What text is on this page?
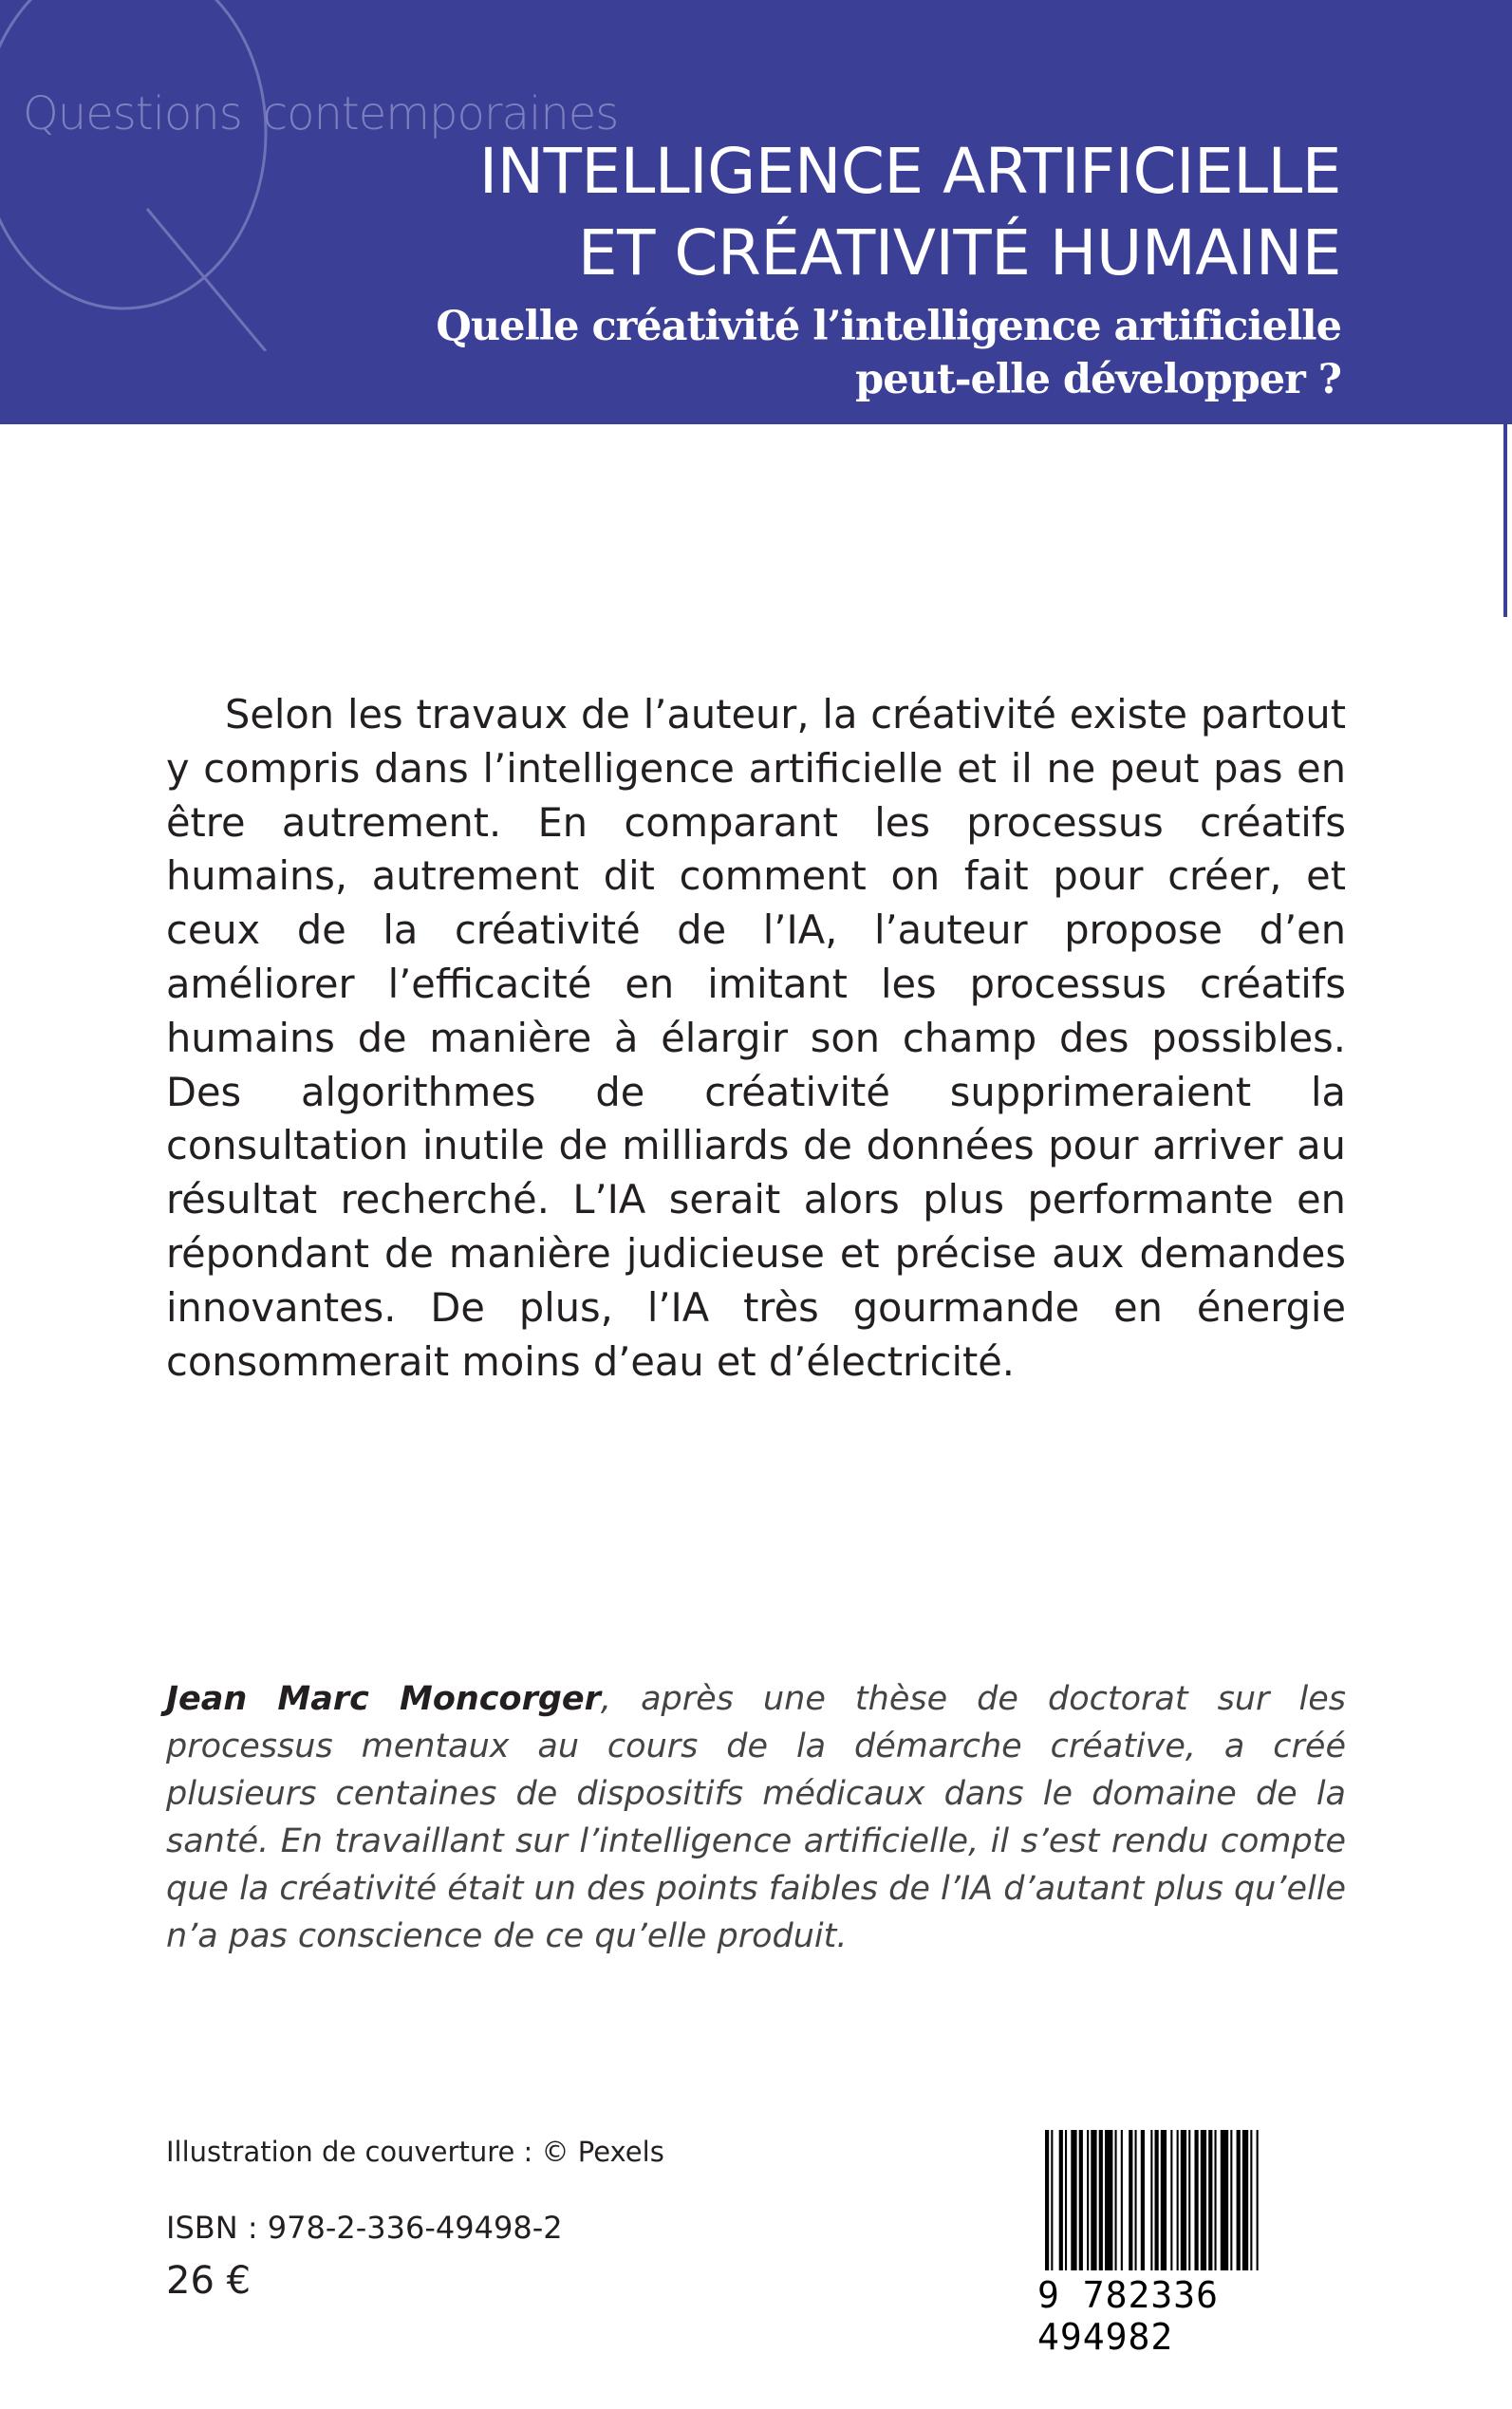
Questions contemporaines
INTELLIGENCE ARTIFICIELLE
ET CRÉATIVITÉ HUMAINE
Quelle créativité l’intelligence artificielle
peut-elle développer ?

Selon les travaux de l’auteur, la créativité existe partout y compris dans l’intelligence artificielle et il ne peut pas en être autrement. En comparant les processus créatifs humains, autrement dit comment on fait pour créer, et ceux de la créativité de l’IA, l’auteur propose d’en améliorer l’efficacité en imitant les processus créatifs humains de manière à élargir son champ des possibles. Des algorithmes de créativité supprimeraient la consultation inutile de milliards de données pour arriver au résultat recherché. L’IA serait alors plus performante en répondant de manière judicieuse et précise aux demandes innovantes. De plus, l’IA très gourmande en énergie consommerait moins d’eau et d’électricité.

Jean Marc Moncorger, après une thèse de doctorat sur les processus mentaux au cours de la démarche créative, a créé plusieurs centaines de dispositifs médicaux dans le domaine de la santé. En travaillant sur l’intelligence artificielle, il s’est rendu compte que la créativité était un des points faibles de l’IA d’autant plus qu’elle n’a pas conscience de ce qu’elle produit.

Illustration de couverture : © Pexels
ISBN : 978-2-336-49498-2
26 €	9 782336 494982
